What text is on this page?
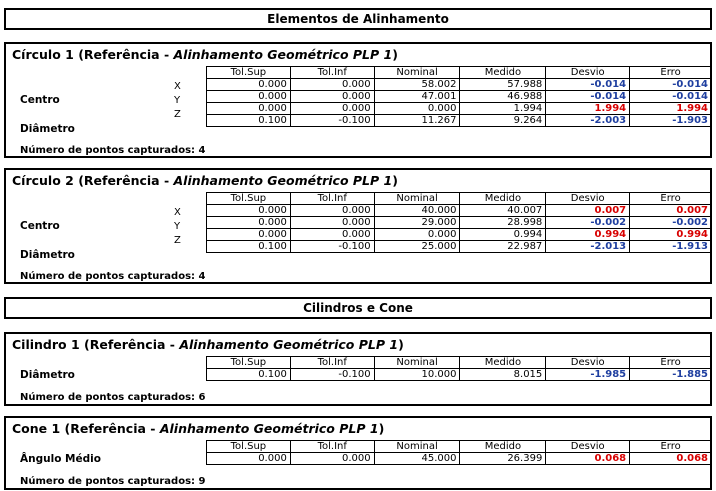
Elementos de Alinhamento
Círculo 1 (Referência - Alinhamento Geométrico PLP 1)
X
Y
Z
Centro
Diâmetro
Tol.Sup	Tol.Inf	Nominal	Medido	Desvio	Erro
0.000	0.000	58.002	57.988	-0.014	-0.014
0.000	0.000	47.001	46.988	-0.014	-0.014
0.000	0.000	0.000	1.994	1.994	1.994
0.100	-0.100	11.267	9.264	-2.003	-1.903
Número de pontos capturados: 4
Círculo 2 (Referência - Alinhamento Geométrico PLP 1)
X
Y
Z
Centro
Diâmetro
Tol.Sup	Tol.Inf	Nominal	Medido	Desvio	Erro
0.000	0.000	40.000	40.007	0.007	0.007
0.000	0.000	29.000	28.998	-0.002	-0.002
0.000	0.000	0.000	0.994	0.994	0.994
0.100	-0.100	25.000	22.987	-2.013	-1.913
Número de pontos capturados: 4
Cilindros e Cone
Cilindro 1 (Referência - Alinhamento Geométrico PLP 1)
Diâmetro
Tol.Sup	Tol.Inf	Nominal	Medido	Desvio	Erro
0.100	-0.100	10.000	8.015	-1.985	-1.885
Número de pontos capturados: 6
Cone 1 (Referência - Alinhamento Geométrico PLP 1)
Ângulo Médio
Tol.Sup	Tol.Inf	Nominal	Medido	Desvio	Erro
0.000	0.000	45.000	26.399	0.068	0.068
Número de pontos capturados: 9
